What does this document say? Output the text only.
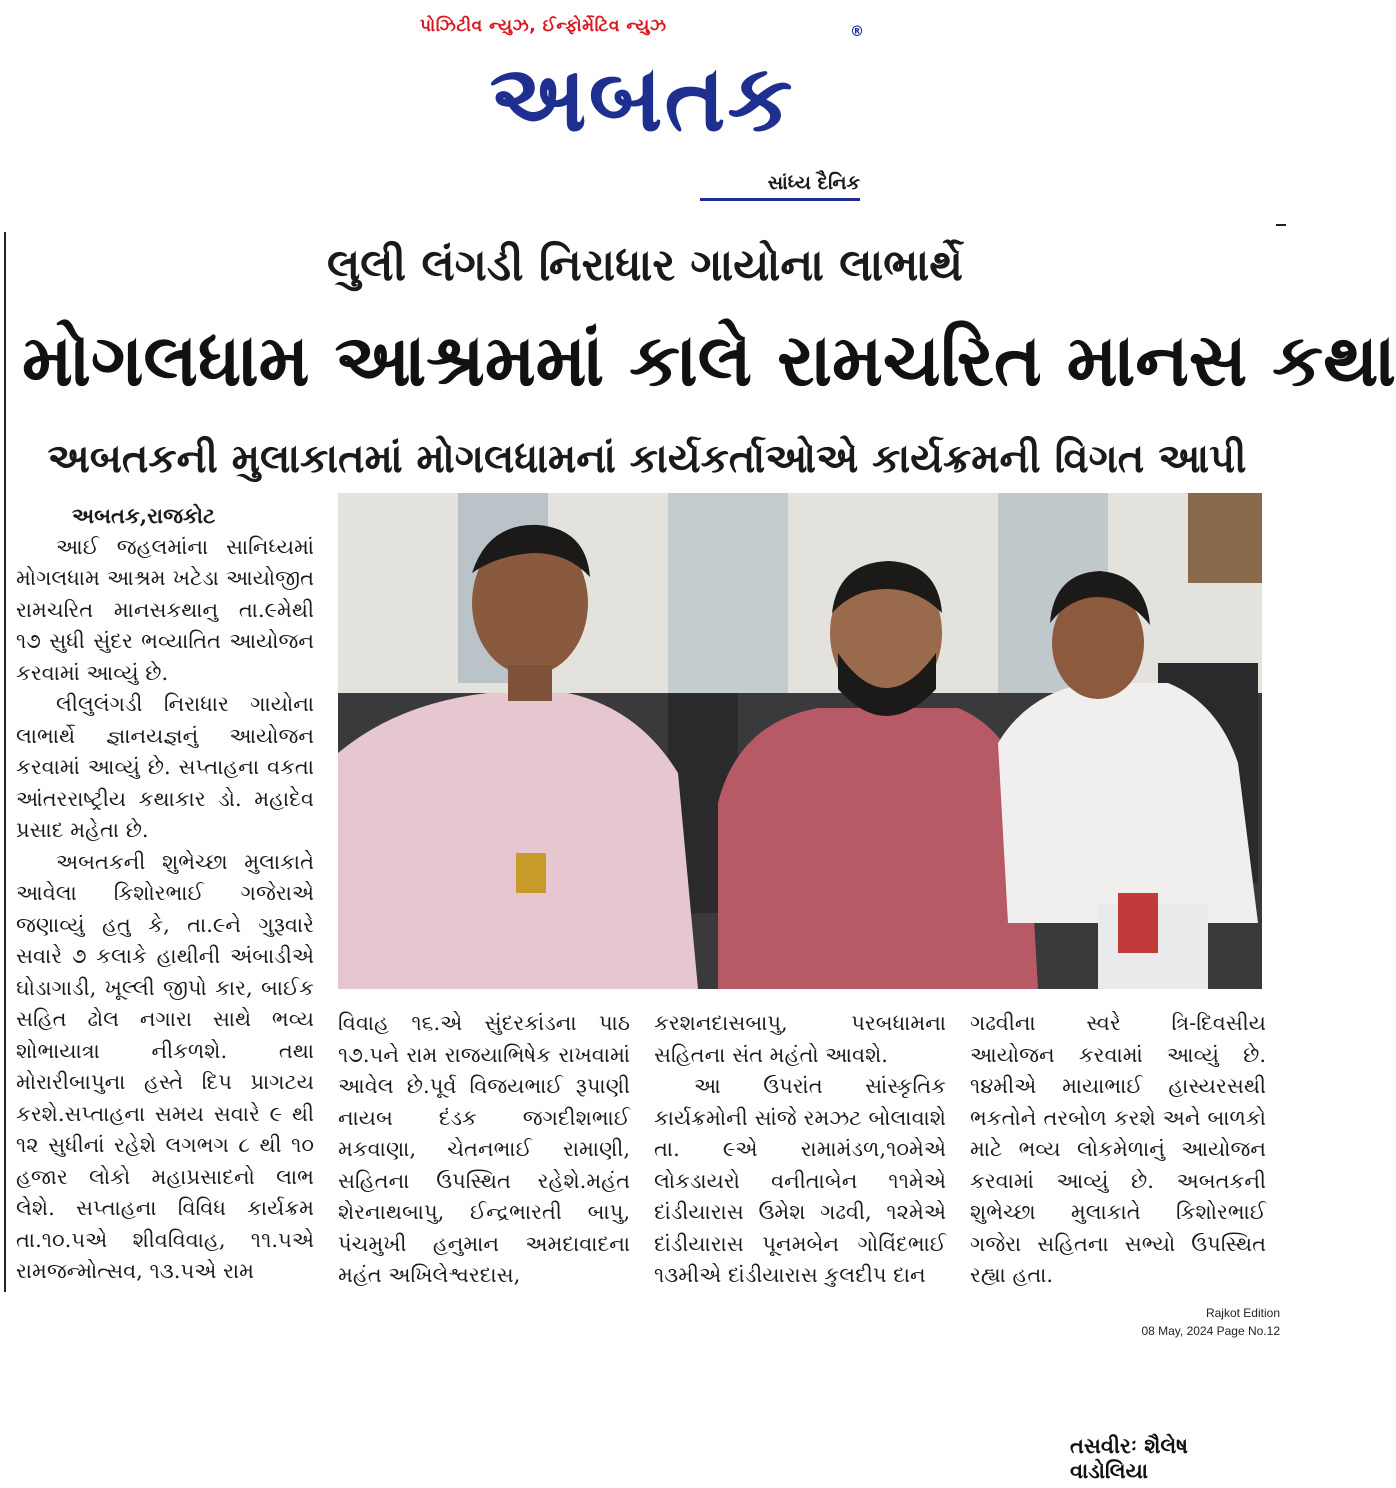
પોઝિટીવ ન્યુઝ, ઈન્ફોર્મેટિવ ન્યુઝ	®
અબતક
સાંધ્ય દૈનિક
લુલી લંગડી નિરાધાર ગાયોના લાભાર્થે
મોગલધામ આશ્રમમાં કાલે રામચરિત માનસ કથા
અબતકની મુલાકાતમાં મોગલધામનાં કાર્યકર્તાઓએ કાર્યક્રમની વિગત આપી

અબતક,રાજકોટ

આઈ જહલમાંના સાનિધ્યમાં મોગલધામ આશ્રમ ખટેડા આયોજીત રામચરિત માનસકથાનુ તા.૯મેથી ૧૭ સુધી સુંદર ભવ્યાતિત આયોજન કરવામાં આવ્યું છે.

લીલુલંગડી નિરાધાર ગાયોના લાભાર્થે જ્ઞાનયજ્ઞનું આયોજન કરવામાં આવ્યું છે. સપ્તાહના વકતા આંતરરાષ્ટ્રીય કથાકાર ડો. મહાદેવ પ્રસાદ મહેતા છે.

અબતકની શુભેચ્છા મુલાકાતે આવેલા કિશોરભાઈ ગજેરાએ જણાવ્યું હતુ કે, તા.૯ને ગુરૂવારે સવારે ૭ કલાકે હાથીની અંબાડીએ ઘોડાગાડી, ખૂલ્લી જીપો કાર, બાઈક સહિત ઢોલ નગારા સાથે ભવ્ય શોભાયાત્રા નીકળશે. તથા મોરારીબાપુના હસ્તે દિપ પ્રાગટય કરશે.સપ્તાહના સમય સવારે ૯ થી ૧૨ સુધીનાં રહેશે લગભગ ૮ થી ૧૦ હજાર લોકો મહાપ્રસાદનો લાભ લેશે. સપ્તાહના વિવિધ કાર્યક્રમ તા.૧૦.૫એ શીવવિવાહ, ૧૧.૫એ રામજન્મોત્સવ, ૧૩.૫એ રામ

તસવીરઃ શૈલેષ વાડોલિયા

વિવાહ ૧૬.એ સુંદરકાંડના પાઠ ૧૭.૫ને રામ રાજયાભિષેક રાખવામાં આવેલ છે.પૂર્વ વિજયભાઈ રૂપાણી નાયબ દંડક જગદીશભાઈ મકવાણા, ચેતનભાઈ રામાણી, સહિતના ઉપસ્થિત રહેશે.મહંત શેરનાથબાપુ, ઈન્દ્રભારતી બાપુ, પંચમુખી હનુમાન અમદાવાદના મહંત અખિલેશ્વરદાસ,

કરશનદાસબાપુ, પરબધામના સહિતના સંત મહંતો આવશે.

આ ઉપરાંત સાંસ્કૃતિક કાર્યક્રમોની સાંજે રમઝટ બોલાવાશે તા. ૯એ રામામંડળ,૧૦મેએ લોકડાયરો વનીતાબેન ૧૧મેએ દાંડીયારાસ ઉમેશ ગઢવી, ૧૨મેએ દાંડીયારાસ પૂનમબેન ગોવિંદભાઈ ૧૩મીએ દાંડીયારાસ કુલદીપ દાન

ગઢવીના સ્વરે ત્રિ-દિવસીય આયોજન કરવામાં આવ્યું છે. ૧૪મીએ માયાભાઈ હાસ્યરસથી ભકતોને તરબોળ કરશે અને બાળકો માટે ભવ્ય લોકમેળાનું આયોજન કરવામાં આવ્યું છે. અબતકની શુભેચ્છા મુલાકાતે કિશોરભાઈ ગજેરા સહિતના સભ્યો ઉપસ્થિત રહ્યા હતા.

Rajkot Edition
08 May, 2024 Page No.12
